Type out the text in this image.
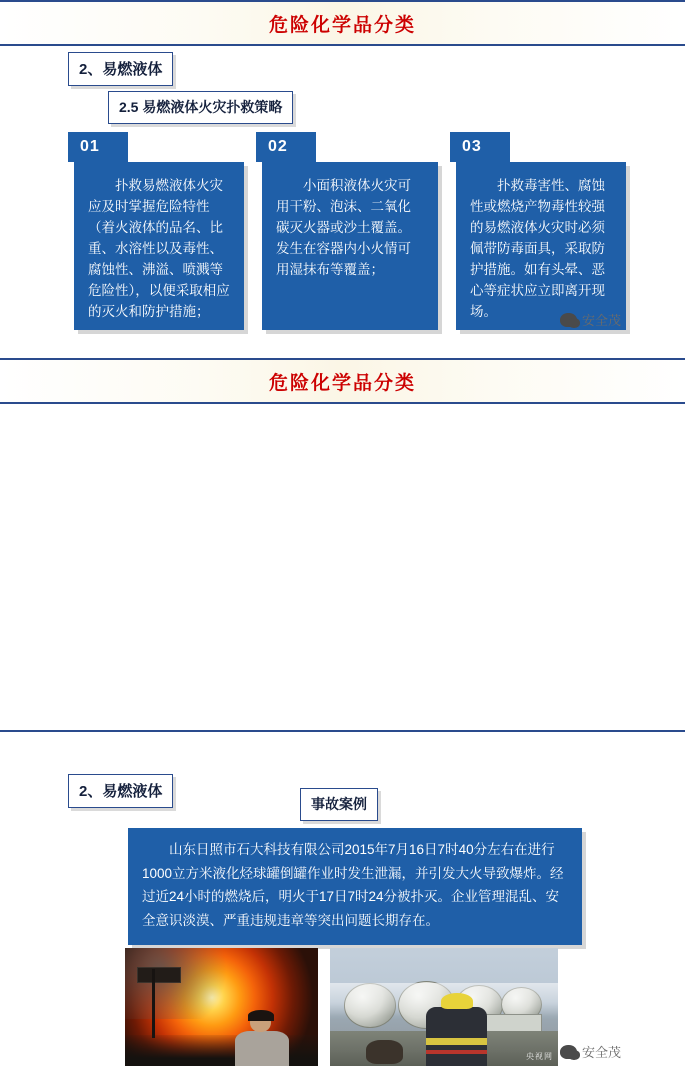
危险化学品分类
2、易燃液体
2.5 易燃液体火灾扑救策略
01
扑救易燃液体火灾应及时掌握危险特性（着火液体的品名、比重、水溶性以及毒性、腐蚀性、沸溢、喷溅等危险性），以便采取相应的灭火和防护措施；
02
小面积液体火灾可用干粉、泡沫、二氧化碳灭火器或沙土覆盖。发生在容器内小火情可用湿抹布等覆盖；
03
扑救毒害性、腐蚀性或燃烧产物毒性较强的易燃液体火灾时必须佩带防毒面具，采取防护措施。如有头晕、恶心等症状应立即离开现场。
安全茂
危险化学品分类
2、易燃液体
事故案例
山东日照市石大科技有限公司2015年7月16日7时40分左右在进行1000立方米液化烃球罐倒罐作业时发生泄漏，并引发大火导致爆炸。经过近24小时的燃烧后，明火于17日7时24分被扑灭。企业管理混乱、安全意识淡漠、严重违规违章等突出问题长期存在。
央视网 安全茂
